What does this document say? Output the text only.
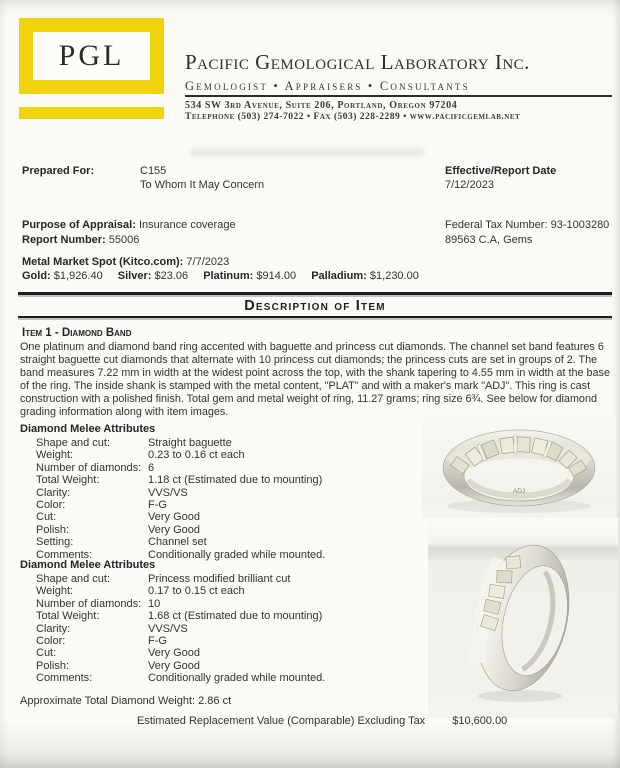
PGL	Pacific Gemological Laboratory Inc.
Gemologist • Appraisers • Consultants
534 SW 3rd Avenue, Suite 206, Portland, Oregon 97204
Telephone (503) 274-7022 • Fax (503) 228-2289 • www.pacificgemlab.net
Prepared For:	C155
To Whom It May Concern
Effective/Report Date
7/12/2023
Purpose of Appraisal: Insurance coverage
Report Number: 55006
Federal Tax Number: 93-1003280
89563 C.A, Gems
Metal Market Spot (Kitco.com): 7/7/2023
Gold: $1,926.40 Silver: $23.06 Platinum: $914.00 Palladium: $1,230.00
Description of Item
Item 1 - Diamond Band
One platinum and diamond band ring accented with baguette and princess cut diamonds. The channel set band features 6 straight baguette cut diamonds that alternate with 10 princess cut diamonds; the princess cuts are set in groups of 2. The band measures 7.22 mm in width at the widest point across the top, with the shank tapering to 4.55 mm in width at the base of the ring. The inside shank is stamped with the metal content, "PLAT" and with a maker's mark "ADJ". This ring is cast construction with a polished finish. Total gem and metal weight of ring, 11.27 grams; ring size 6¾. See below for diamond grading information along with item images.
Diamond Melee Attributes
Shape and cut:	Straight baguette
Weight:	0.23 to 0.16 ct each
Number of diamonds: 6
Total Weight:	1.18 ct (Estimated due to mounting)
Clarity:	VVS/VS
Color:	F-G
Cut:	Very Good
Polish:	Very Good
Setting:	Channel set
Comments:	Conditionally graded while mounted.
Diamond Melee Attributes
Shape and cut:	Princess modified brilliant cut
Weight:	0.17 to 0.15 ct each
Number of diamonds: 10
Total Weight:	1.68 ct (Estimated due to mounting)
Clarity:	VVS/VS
Color:	F-G
Cut:	Very Good
Polish:	Very Good
Comments:	Conditionally graded while mounted.
ADJ
Approximate Total Diamond Weight: 2.86 ct
Estimated Replacement Value (Comparable) Excluding Tax $10,600.00
